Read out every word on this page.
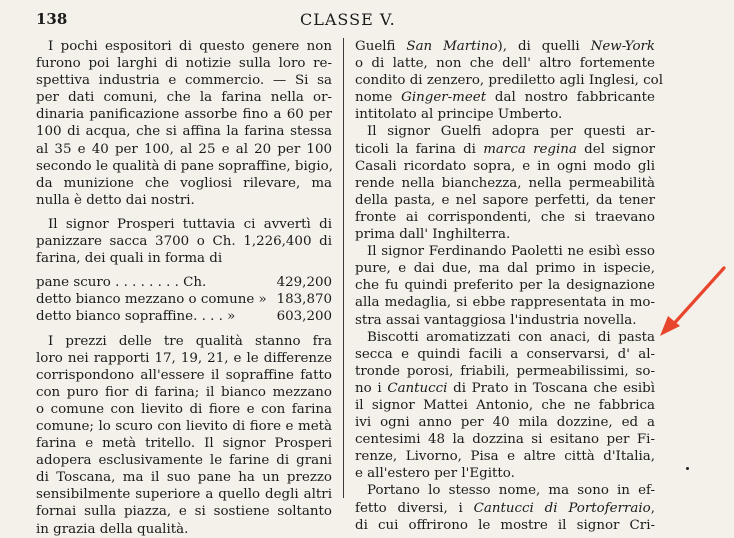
138	CLASSE V.
I pochi espositori di questo genere non
furono poi larghi di notizie sulla loro re-
spettiva industria e commercio. — Si sa
per dati comuni, che la farina nella or-
dinaria panificazione assorbe fino a 60 per
100 di acqua, che si affina la farina stessa
al 35 e 40 per 100, al 25 e al 20 per 100
secondo le qualità di pane sopraffine, bigio,
da munizione che vogliosi rilevare, ma
nulla è detto dai nostri.
Il signor Prosperi tuttavia ci avvertì di
panizzare sacca 3700 o Ch. 1,226,400 di
farina, dei quali in forma di
pane scuro . . . . . . . . Ch.	429,200
detto bianco mezzano o comune » 183,870
detto bianco sopraffine. . . . »	603,200
I prezzi delle tre qualità stanno fra
loro nei rapporti 17, 19, 21, e le differenze
corrispondono all'essere il sopraffine fatto
con puro fior di farina; il bianco mezzano
o comune con lievito di fiore e con farina
comune; lo scuro con lievito di fiore e metà
farina e metà tritello. Il signor Prosperi
adopera esclusivamente le farine di grani
di Toscana, ma il suo pane ha un prezzo
sensibilmente superiore a quello degli altri
fornai sulla piazza, e si sostiene soltanto
in grazia della qualità.
Guelfi San Martino), di quelli New-York
o di latte, non che dell' altro fortemente
condito di zenzero, prediletto agli Inglesi, col
nome Ginger-meet dal nostro fabbricante
intitolato al principe Umberto.
Il signor Guelfi adopra per questi ar-
ticoli la farina di marca regina del signor
Casali ricordato sopra, e in ogni modo gli
rende nella bianchezza, nella permeabilità
della pasta, e nel sapore perfetti, da tener
fronte ai corrispondenti, che si traevano
prima dall' Inghilterra.
Il signor Ferdinando Paoletti ne esibì esso
pure, e dai due, ma dal primo in ispecie,
che fu quindi preferito per la designazione
alla medaglia, si ebbe rappresentata in mo-
stra assai vantaggiosa l'industria novella.
Biscotti aromatizzati con anaci, di pasta
secca e quindi facili a conservarsi, d' al-
tronde porosi, friabili, permeabilissimi, so-
no i Cantucci di Prato in Toscana che esibì
il signor Mattei Antonio, che ne fabbrica
ivi ogni anno per 40 mila dozzine, ed a
centesimi 48 la dozzina si esitano per Fi-
renze, Livorno, Pisa e altre città d'Italia,
e all'estero per l'Egitto.
Portano lo stesso nome, ma sono in ef-
fetto diversi, i Cantucci di Portoferraio,
di cui offrirono le mostre il signor Cri-
